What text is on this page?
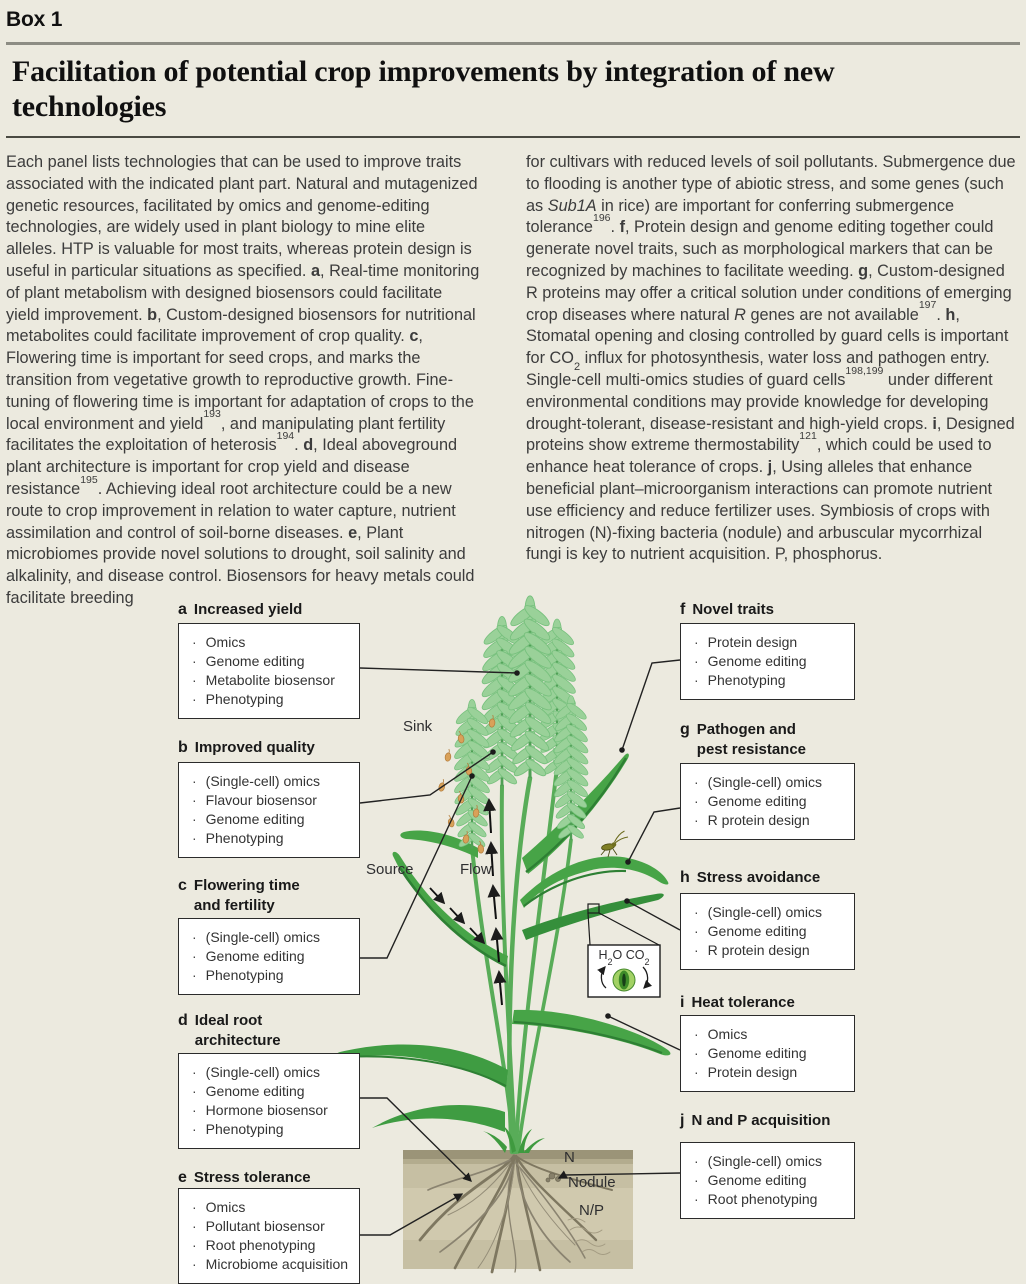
Box 1
Facilitation of potential crop improvements by integration of new technologies
Each panel lists technologies that can be used to improve traits associated with the indicated plant part. Natural and mutagenized genetic resources, facilitated by omics and genome-editing technologies, are widely used in plant biology to mine elite alleles. HTP is valuable for most traits, whereas protein design is useful in particular situations as specified. a, Real-time monitoring of plant metabolism with designed biosensors could facilitate yield improvement. b, Custom-designed biosensors for nutritional metabolites could facilitate improvement of crop quality. c, Flowering time is important for seed crops, and marks the transition from vegetative growth to reproductive growth. Fine-tuning of flowering time is important for adaptation of crops to the local environment and yield$^{193}$, and manipulating plant fertility facilitates the exploitation of heterosis$^{194}$. d, Ideal aboveground plant architecture is important for crop yield and disease resistance$^{195}$. Achieving ideal root architecture could be a new route to crop improvement in relation to water capture, nutrient assimilation and control of soil-borne diseases. e, Plant microbiomes provide novel solutions to drought, soil salinity and alkalinity, and disease control. Biosensors for heavy metals could facilitate breeding
for cultivars with reduced levels of soil pollutants. Submergence due to flooding is another type of abiotic stress, and some genes (such as Sub1A in rice) are important for conferring submergence tolerance$^{196}$. f, Protein design and genome editing together could generate novel traits, such as morphological markers that can be recognized by machines to facilitate weeding. g, Custom-designed R proteins may offer a critical solution under conditions of emerging crop diseases where natural R genes are not available$^{197}$. h, Stomatal opening and closing controlled by guard cells is important for $CO_2$ influx for photosynthesis, water loss and pathogen entry. Single-cell multi-omics studies of guard cells$^{198,199}$ under different environmental conditions may provide knowledge for developing drought-tolerant, disease-resistant and high-yield crops. i, Designed proteins show extreme thermostability$^{121}$, which could be used to enhance heat tolerance of crops. j, Using alleles that enhance beneficial plant–microorganism interactions can promote nutrient use efficiency and reduce fertilizer uses. Symbiosis of crops with nitrogen (N)-fixing bacteria (nodule) and arbuscular mycorrhizal fungi is key to nutrient acquisition. P, phosphorus.
a Increased yield
· Omics
· Genome editing
· Metabolite biosensor
· Phenotyping
b Improved quality
· (Single-cell) omics
· Flavour biosensor
· Genome editing
· Phenotyping
c Flowering time and fertility
· (Single-cell) omics
· Genome editing
· Phenotyping
d Ideal root architecture
· (Single-cell) omics
· Genome editing
· Hormone biosensor
· Phenotyping
e Stress tolerance
· Omics
· Pollutant biosensor
· Root phenotyping
· Microbiome acquisition
f Novel traits
· Protein design
· Genome editing
· Phenotyping
g Pathogen and pest resistance
· (Single-cell) omics
· Genome editing
· R protein design
h Stress avoidance
· (Single-cell) omics
· Genome editing
· R protein design
i Heat tolerance
· Omics
· Genome editing
· Protein design
j N and P acquisition
· (Single-cell) omics
· Genome editing
· Root phenotyping
Sink
Source	Flow
N
Nodule
N/P
$H_2O$ $CO_2$
